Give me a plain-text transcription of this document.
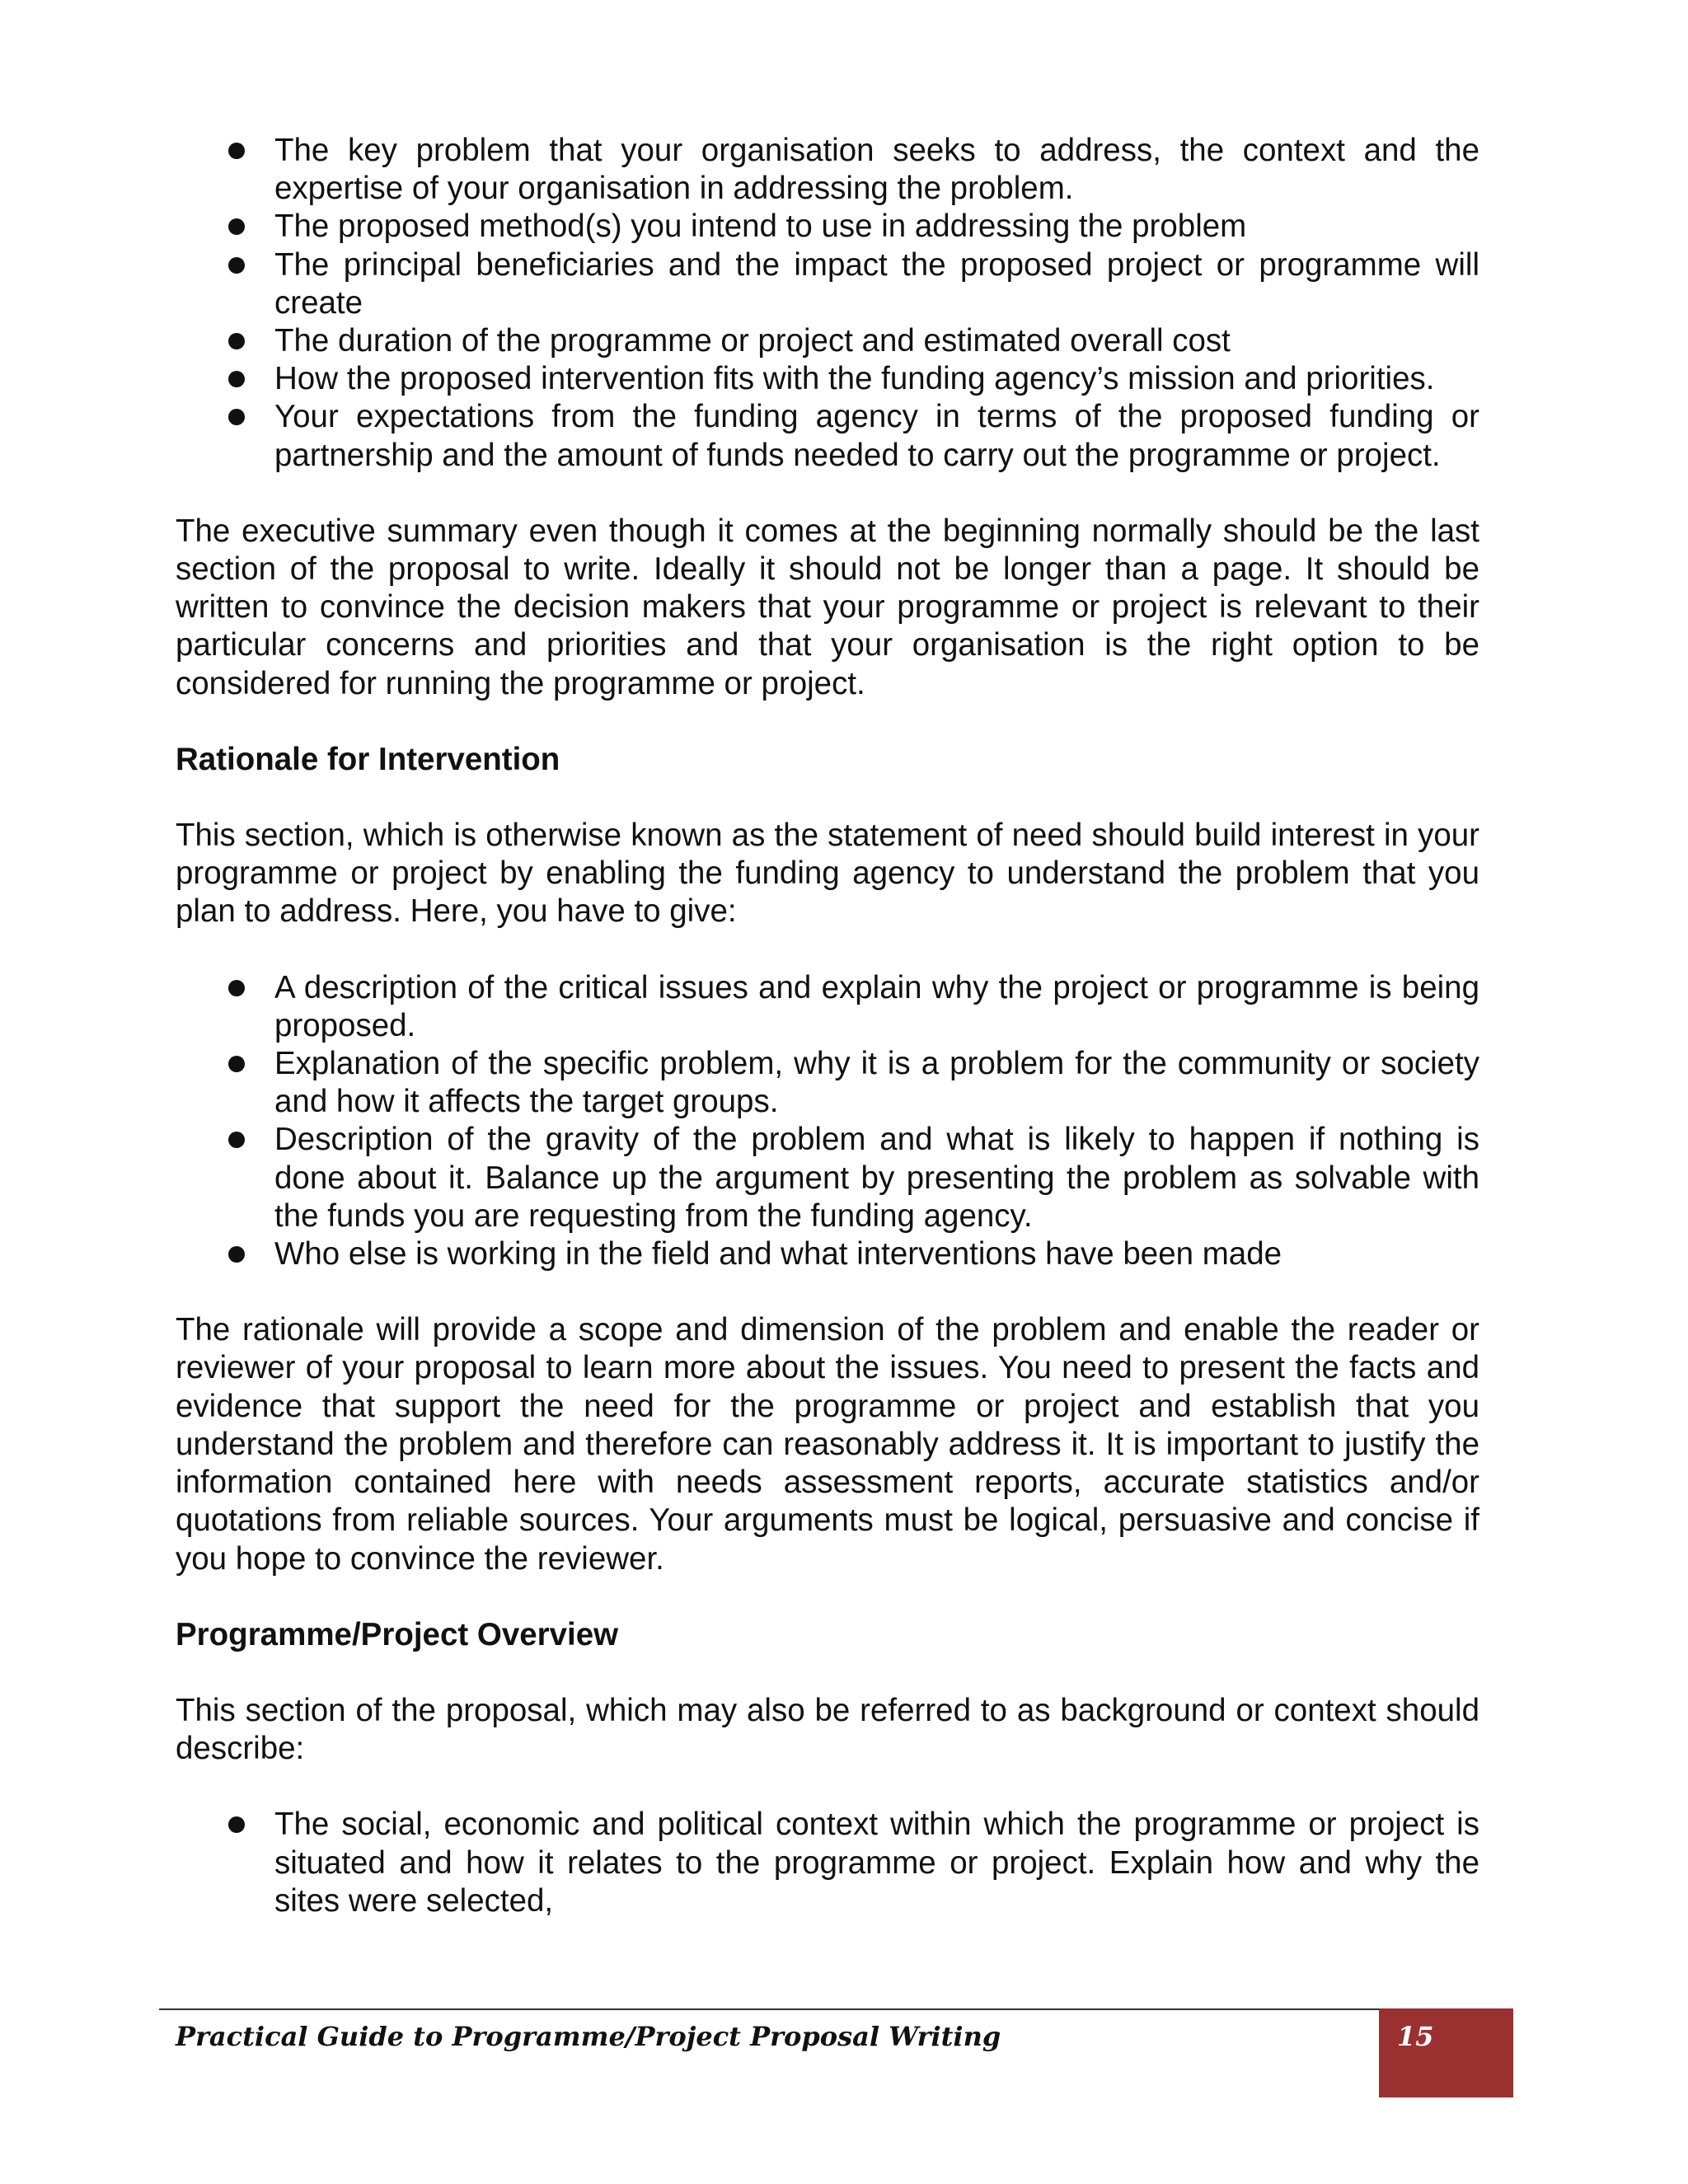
The key problem that your organisation seeks to address, the context and the expertise of your organisation in addressing the problem.
The proposed method(s) you intend to use in addressing the problem
The principal beneficiaries and the impact the proposed project or programme will create
The duration of the programme or project and estimated overall cost
How the proposed intervention fits with the funding agency’s mission and priorities.
Your expectations from the funding agency in terms of the proposed funding or partnership and the amount of funds needed to carry out the programme or project.

The executive summary even though it comes at the beginning normally should be the last section of the proposal to write. Ideally it should not be longer than a page. It should be written to convince the decision makers that your programme or project is relevant to their particular concerns and priorities and that your organisation is the right option to be considered for running the programme or project.

Rationale for Intervention

This section, which is otherwise known as the statement of need should build interest in your programme or project by enabling the funding agency to understand the problem that you plan to address. Here, you have to give:

A description of the critical issues and explain why the project or programme is being proposed.
Explanation of the specific problem, why it is a problem for the community or society and how it affects the target groups.
Description of the gravity of the problem and what is likely to happen if nothing is done about it. Balance up the argument by presenting the problem as solvable with the funds you are requesting from the funding agency.
Who else is working in the field and what interventions have been made

The rationale will provide a scope and dimension of the problem and enable the reader or reviewer of your proposal to learn more about the issues. You need to present the facts and evidence that support the need for the programme or project and establish that you understand the problem and therefore can reasonably address it. It is important to justify the information contained here with needs assessment reports, accurate statistics and/or quotations from reliable sources. Your arguments must be logical, persuasive and concise if you hope to convince the reviewer.

Programme/Project Overview

This section of the proposal, which may also be referred to as background or context should describe:

The social, economic and political context within which the programme or project is situated and how it relates to the programme or project. Explain how and why the sites were selected,
Practical Guide to Programme/Project Proposal Writing	15
